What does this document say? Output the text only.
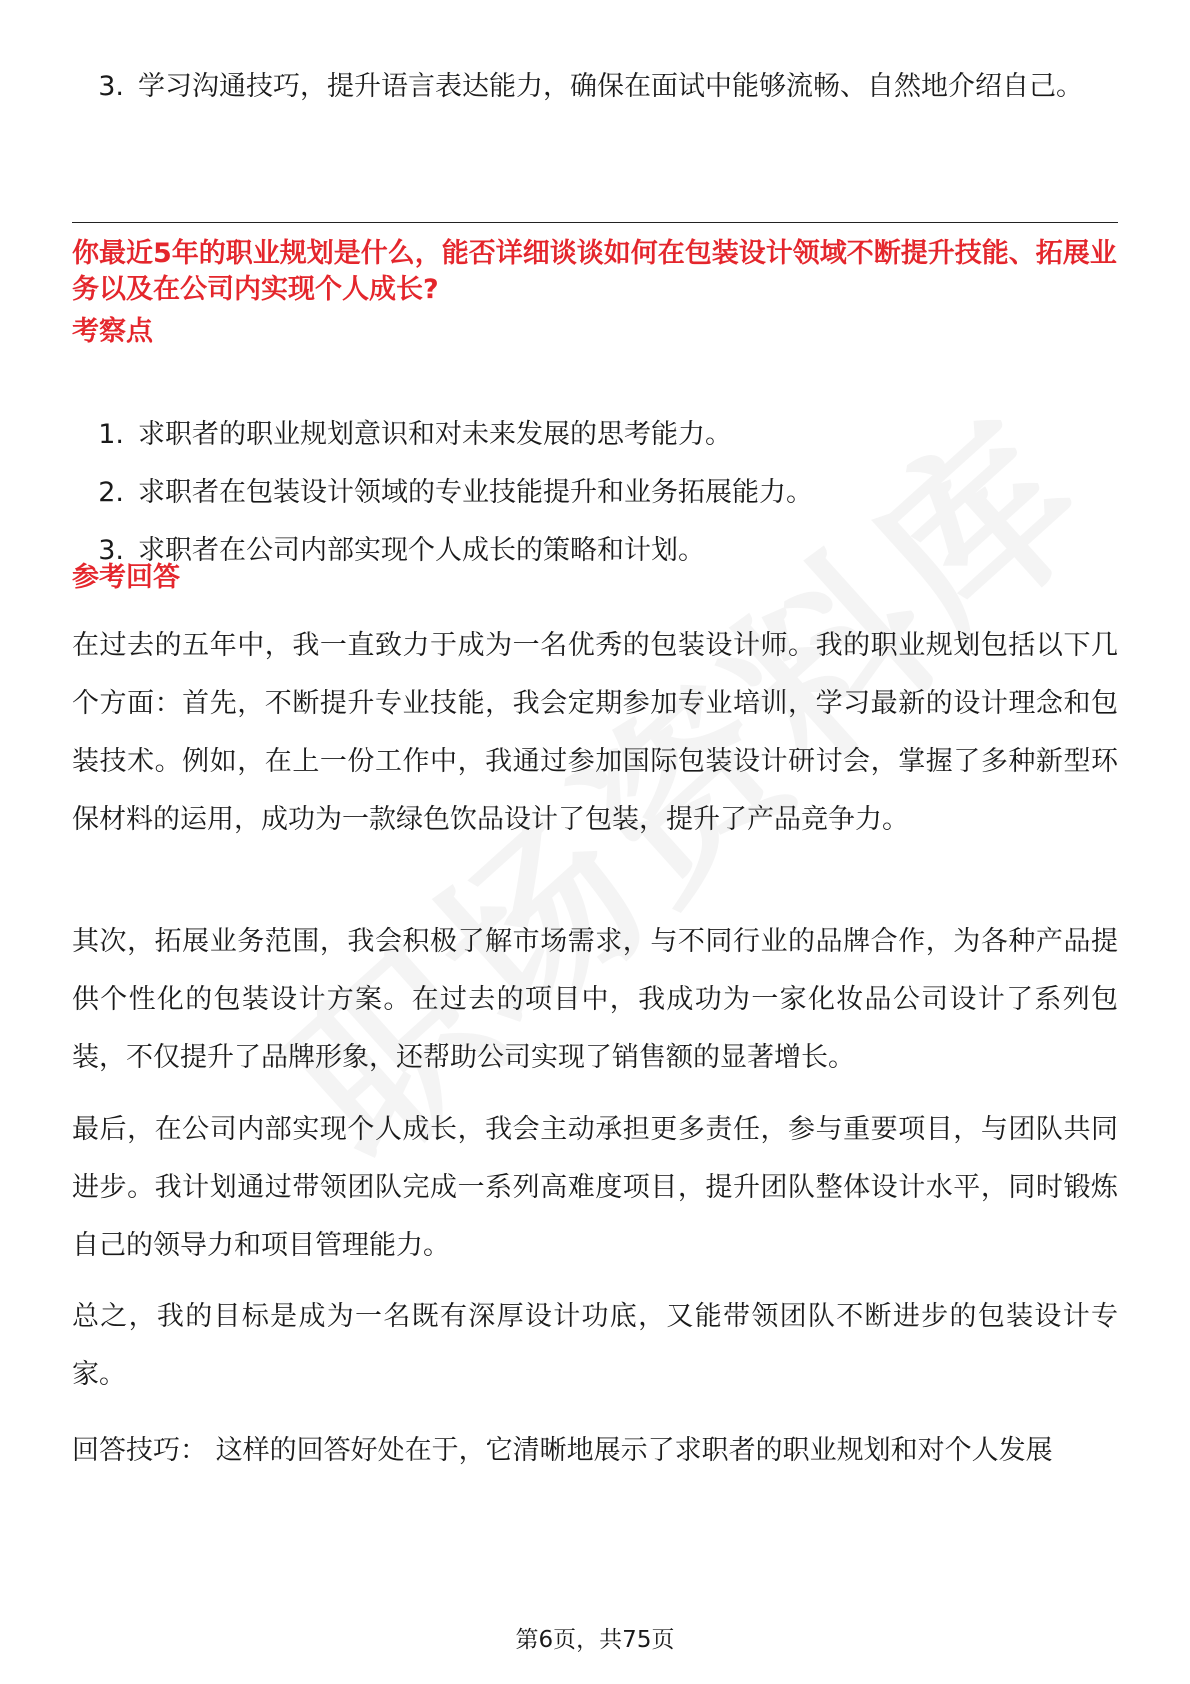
3. 学习沟通技巧，提升语言表达能力，确保在面试中能够流畅、自然地介绍自己。
你最近5年的职业规划是什么，能否详细谈谈如何在包装设计领域不断提升技能、拓展业务以及在公司内实现个人成长?
考察点
1. 求职者的职业规划意识和对未来发展的思考能力。
2. 求职者在包装设计领域的专业技能提升和业务拓展能力。
3. 求职者在公司内部实现个人成长的策略和计划。
参考回答

在过去的五年中，我一直致力于成为一名优秀的包装设计师。我的职业规划包括以下几个方面：首先，不断提升专业技能，我会定期参加专业培训，学习最新的设计理念和包装技术。例如，在上一份工作中，我通过参加国际包装设计研讨会，掌握了多种新型环保材料的运用，成功为一款绿色饮品设计了包装，提升了产品竞争力。

其次，拓展业务范围，我会积极了解市场需求，与不同行业的品牌合作，为各种产品提供个性化的包装设计方案。在过去的项目中，我成功为一家化妆品公司设计了系列包装，不仅提升了品牌形象，还帮助公司实现了销售额的显著增长。

最后，在公司内部实现个人成长，我会主动承担更多责任，参与重要项目，与团队共同进步。我计划通过带领团队完成一系列高难度项目，提升团队整体设计水平，同时锻炼自己的领导力和项目管理能力。

总之，我的目标是成为一名既有深厚设计功底，又能带领团队不断进步的包装设计专家。

回答技巧： 这样的回答好处在于，它清晰地展示了求职者的职业规划和对个人发展

第6页，共75页
